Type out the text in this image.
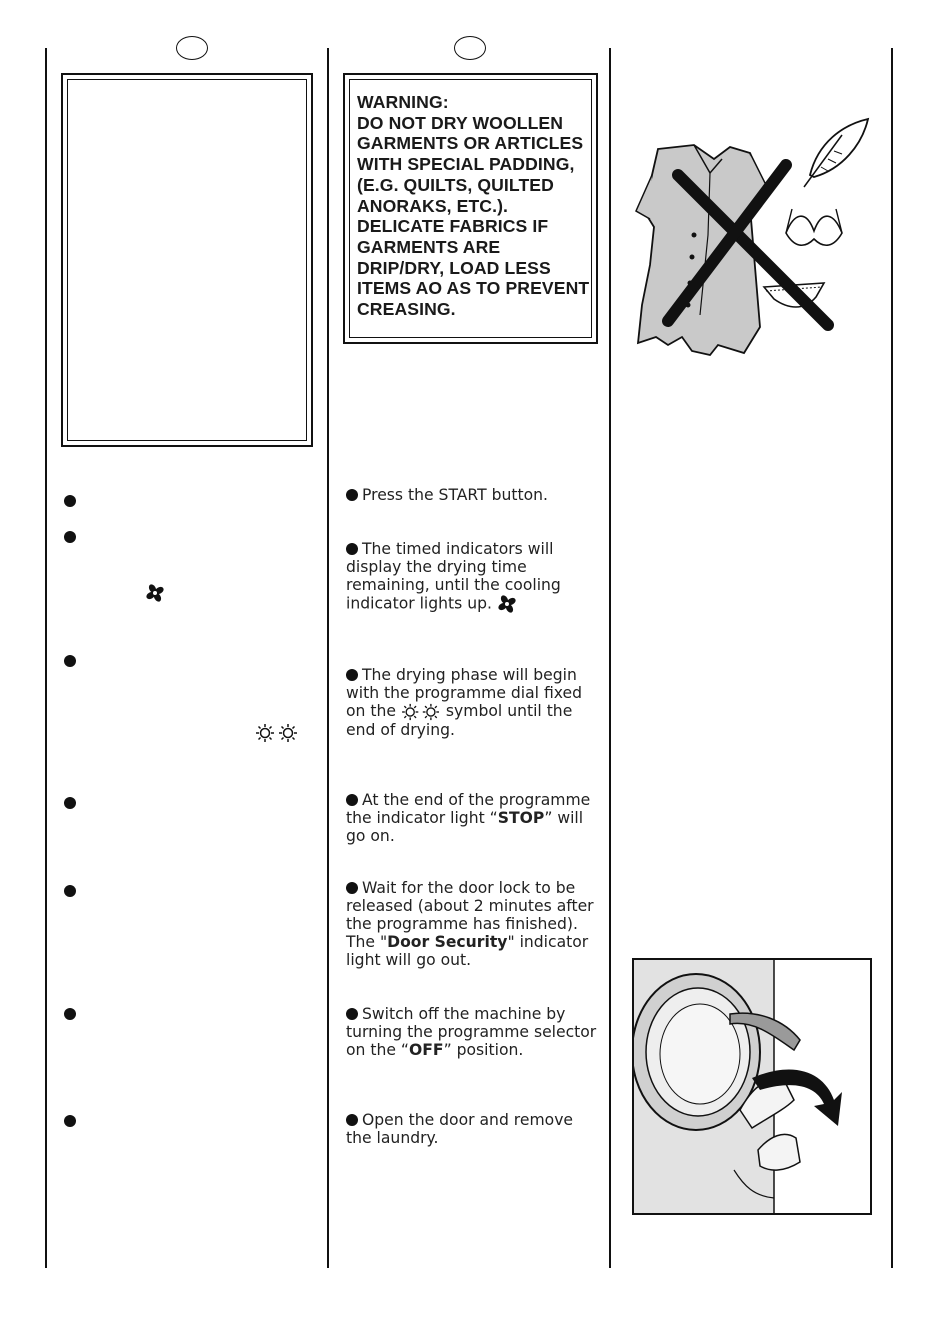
WARNING:
DO NOT DRY WOOLLEN
GARMENTS OR ARTICLES
WITH SPECIAL PADDING,
(E.G. QUILTS, QUILTED
ANORAKS, ETC.).
DELICATE FABRICS IF
GARMENTS ARE
DRIP/DRY, LOAD LESS
ITEMS AO AS TO PREVENT
CREASING.
Press the START button.
The timed indicators will display the drying time remaining, until the cooling indicator lights up.
The drying phase will begin with the programme dial fixed on the	symbol until the end of drying.
At the end of the programme the indicator light “STOP” will go on.
Wait for the door lock to be released (about 2 minutes after the programme has finished). The "Door Security" indicator light will go out.
Switch off the machine by turning the programme selector on the “OFF” position.
Open the door and remove the laundry.
